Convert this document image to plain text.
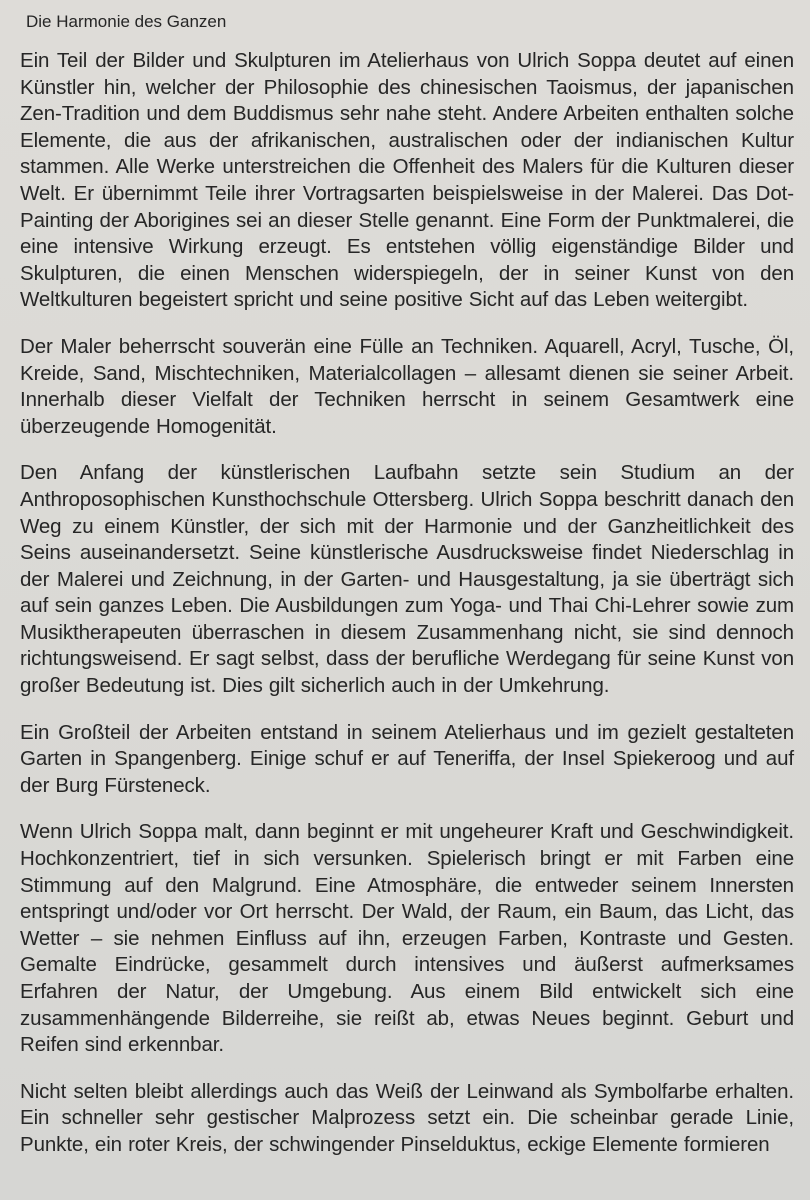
Die Harmonie des Ganzen

Ein Teil der Bilder und Skulpturen im Atelierhaus von Ulrich Soppa deutet auf einen Künstler hin, welcher der Philosophie des chinesischen Taoismus, der japanischen Zen-Tradition und dem Buddismus sehr nahe steht. Andere Arbeiten enthalten solche Elemente, die aus der afrikanischen, australischen oder der indianischen Kultur stammen. Alle Werke unterstreichen die Offenheit des Malers für die Kulturen dieser Welt. Er übernimmt Teile ihrer Vortragsarten beispielsweise in der Malerei. Das Dot-Painting der Aborigines sei an dieser Stelle genannt. Eine Form der Punktmalerei, die eine intensive Wirkung erzeugt. Es entstehen völlig eigenständige Bilder und Skulpturen, die einen Menschen widerspiegeln, der in seiner Kunst von den Weltkulturen begeistert spricht und seine positive Sicht auf das Leben weitergibt.

Der Maler beherrscht souverän eine Fülle an Techniken. Aquarell, Acryl, Tusche, Öl, Kreide, Sand, Mischtechniken, Materialcollagen – allesamt dienen sie seiner Arbeit. Innerhalb dieser Vielfalt der Techniken herrscht in seinem Gesamtwerk eine überzeugende Homogenität.

Den Anfang der künstlerischen Laufbahn setzte sein Studium an der Anthroposophischen Kunsthochschule Ottersberg. Ulrich Soppa beschritt danach den Weg zu einem Künstler, der sich mit der Harmonie und der Ganzheitlichkeit des Seins auseinandersetzt. Seine künstlerische Ausdrucksweise findet Niederschlag in der Malerei und Zeichnung, in der Garten- und Hausgestaltung, ja sie überträgt sich auf sein ganzes Leben. Die Ausbildungen zum Yoga- und Thai Chi-Lehrer sowie zum Musiktherapeuten überraschen in diesem Zusammenhang nicht, sie sind dennoch richtungsweisend. Er sagt selbst, dass der berufliche Werdegang für seine Kunst von großer Bedeutung ist. Dies gilt sicherlich auch in der Umkehrung.

Ein Großteil der Arbeiten entstand in seinem Atelierhaus und im gezielt gestalteten Garten in Spangenberg. Einige schuf er auf Teneriffa, der Insel Spiekeroog und auf der Burg Fürsteneck.

Wenn Ulrich Soppa malt, dann beginnt er mit ungeheurer Kraft und Geschwindigkeit. Hochkonzentriert, tief in sich versunken. Spielerisch bringt er mit Farben eine Stimmung auf den Malgrund. Eine Atmosphäre, die entweder seinem Innersten entspringt und/oder vor Ort herrscht. Der Wald, der Raum, ein Baum, das Licht, das Wetter – sie nehmen Einfluss auf ihn, erzeugen Farben, Kontraste und Gesten. Gemalte Eindrücke, gesammelt durch intensives und äußerst aufmerksames Erfahren der Natur, der Umgebung. Aus einem Bild entwickelt sich eine zusammenhängende Bilderreihe, sie reißt ab, etwas Neues beginnt. Geburt und Reifen sind erkennbar.

Nicht selten bleibt allerdings auch das Weiß der Leinwand als Symbolfarbe erhalten. Ein schneller sehr gestischer Malprozess setzt ein. Die scheinbar gerade Linie, Punkte, ein roter Kreis, der schwingender Pinselduktus, eckige Elemente formieren
